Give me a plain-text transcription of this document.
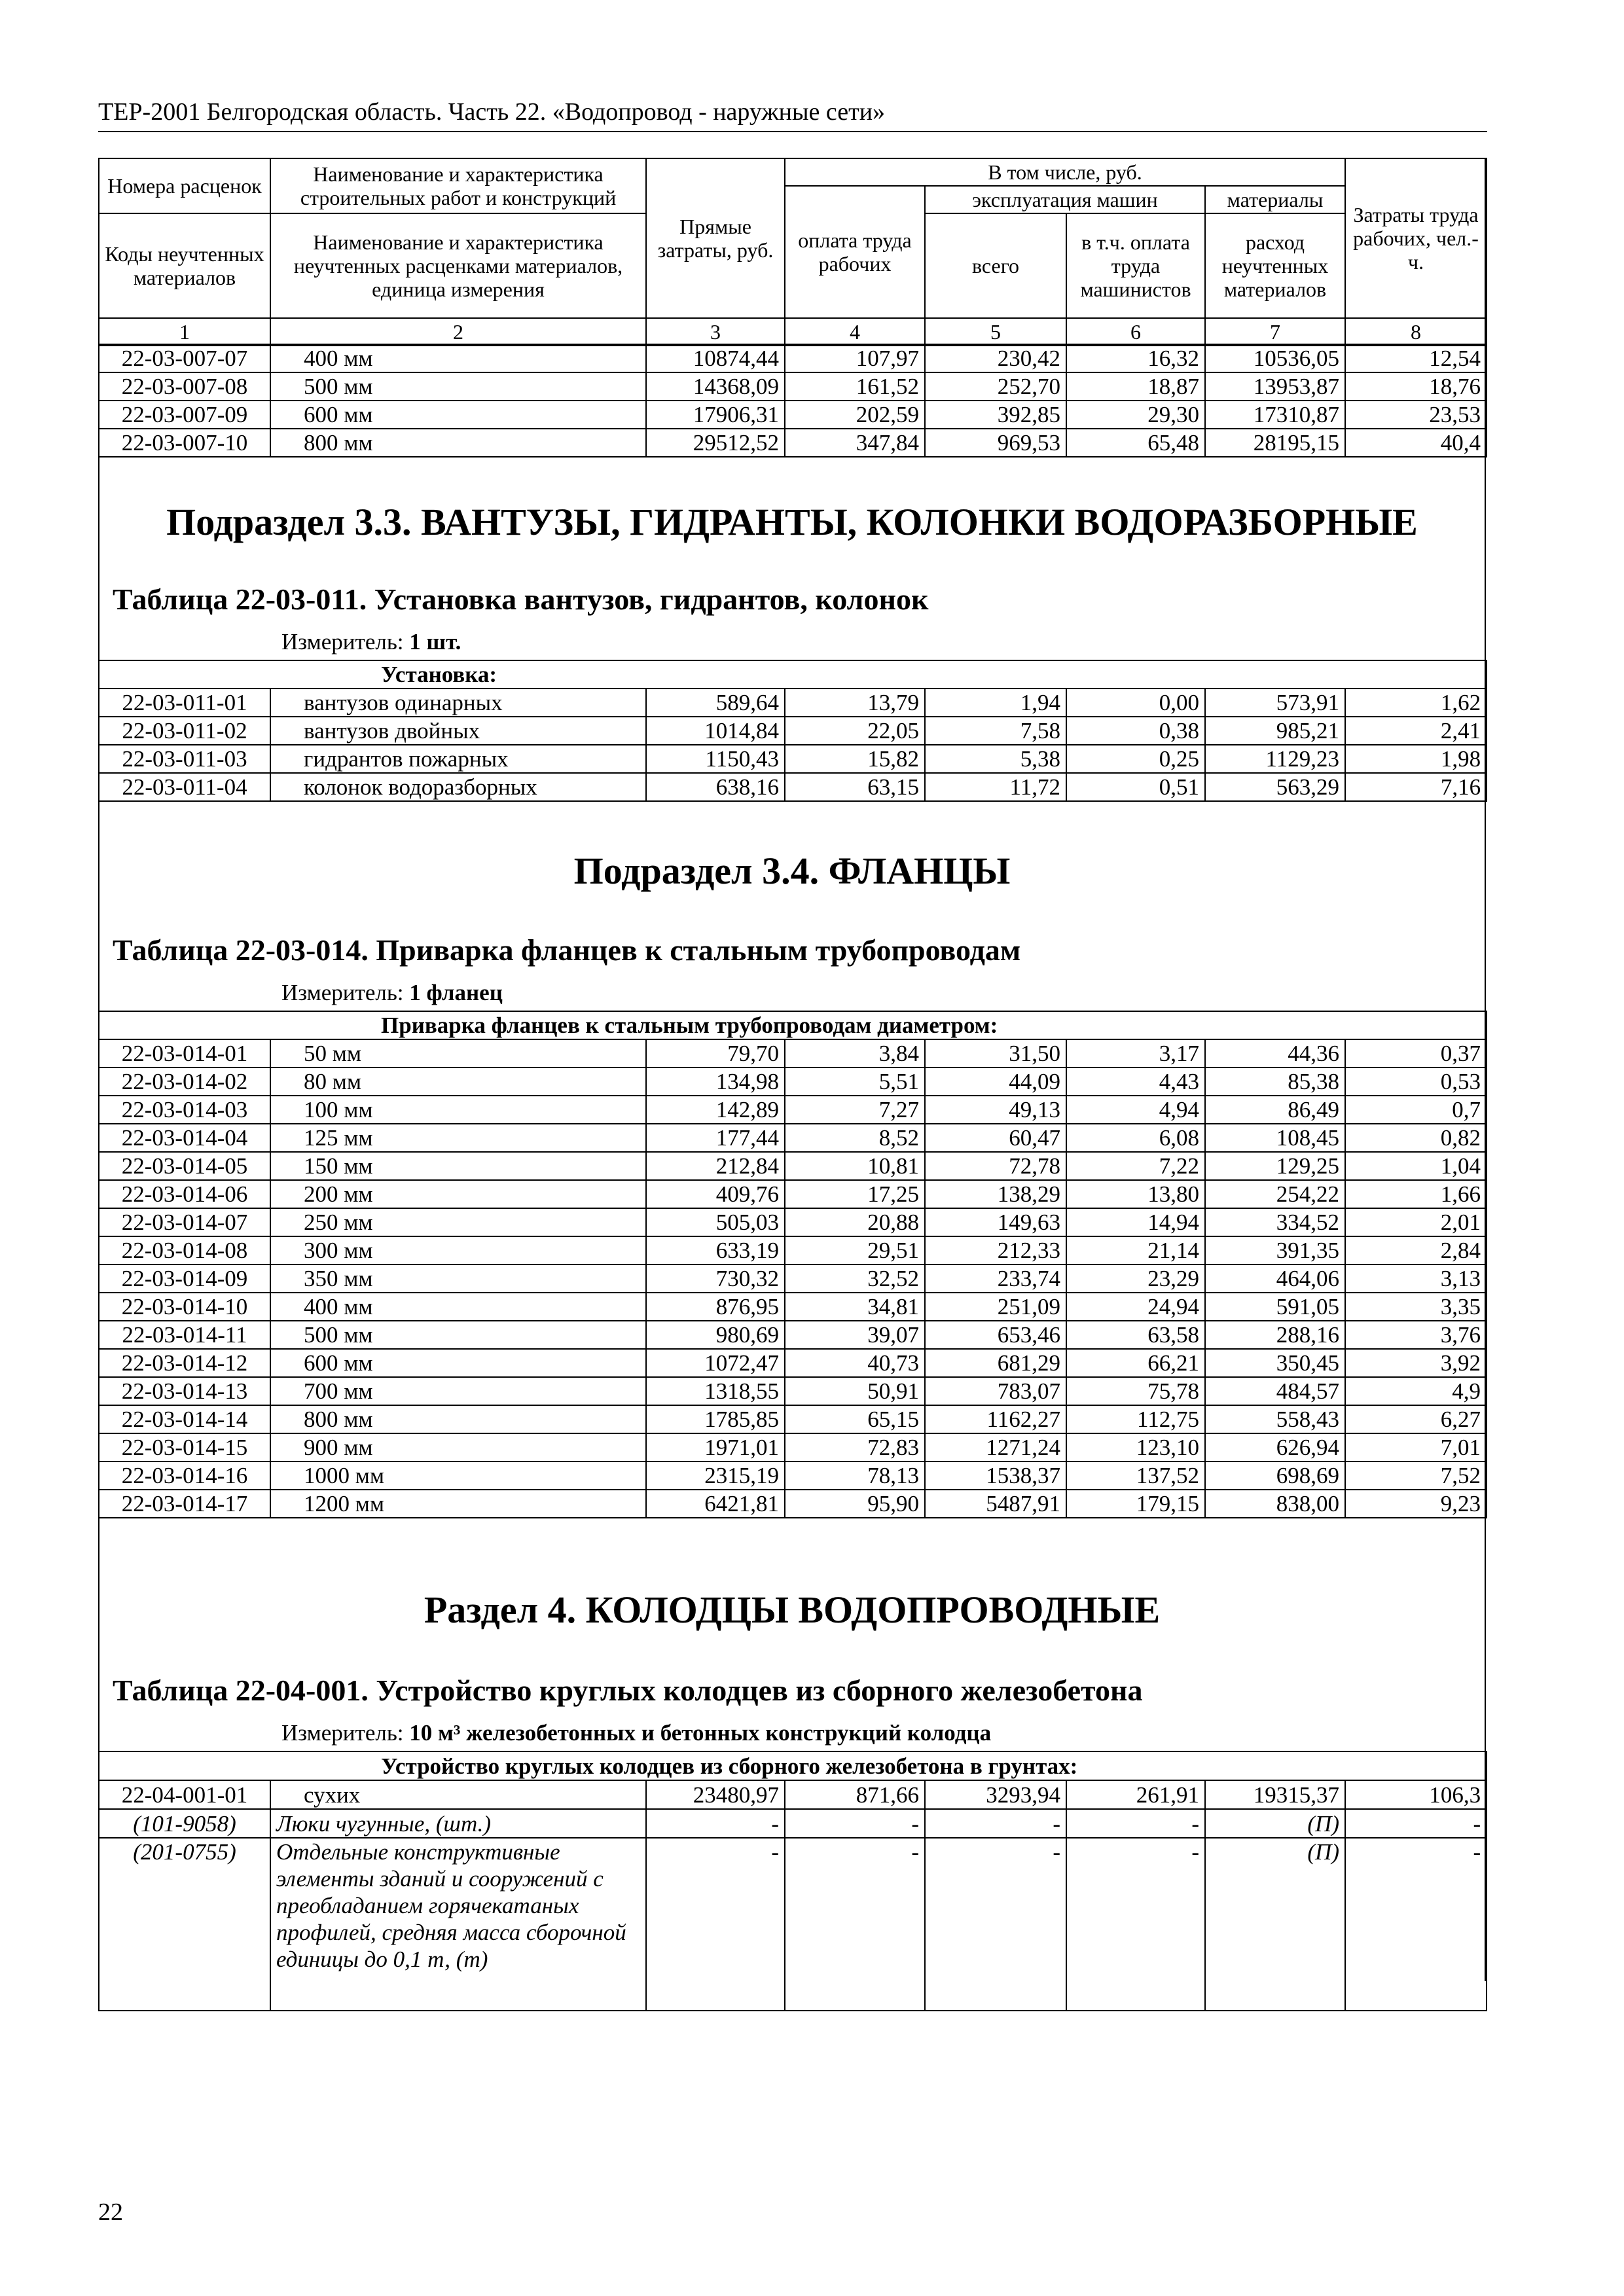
ТЕР-2001 Белгородская область. Часть 22. «Водопровод - наружные сети»
Номера расценок	Наименование и характеристика строительных работ и конструкций	Прямые затраты, руб.	В том числе, руб.				Затраты труда рабочих, чел.-ч.
			оплата труда рабочих	эксплуатация машин		материалы	
Коды неучтенных материалов	Наименование и характеристика неучтенных расценками материалов, единица измерения			всего	в т.ч. оплата труда машинистов	расход неучтенных материалов	
1	2	3	4	5	6	7	8
22-03-007-07	400 мм	10874,44	107,97	230,42	16,32	10536,05	12,54
22-03-007-08	500 мм	14368,09	161,52	252,70	18,87	13953,87	18,76
22-03-007-09	600 мм	17906,31	202,59	392,85	29,30	17310,87	23,53
22-03-007-10	800 мм	29512,52	347,84	969,53	65,48	28195,15	40,4
Подраздел 3.3. ВАНТУЗЫ, ГИДРАНТЫ, КОЛОНКИ ВОДОРАЗБОРНЫЕ
Таблица 22-03-011. Установка вантузов, гидрантов, колонок
Измеритель: 1 шт.
Установка:							
22-03-011-01	вантузов одинарных	589,64	13,79	1,94	0,00	573,91	1,62
22-03-011-02	вантузов двойных	1014,84	22,05	7,58	0,38	985,21	2,41
22-03-011-03	гидрантов пожарных	1150,43	15,82	5,38	0,25	1129,23	1,98
22-03-011-04	колонок водоразборных	638,16	63,15	11,72	0,51	563,29	7,16
Подраздел 3.4. ФЛАНЦЫ
Таблица 22-03-014. Приварка фланцев к стальным трубопроводам
Измеритель: 1 фланец
Приварка фланцев к стальным трубопроводам диаметром:							
22-03-014-01	50 мм	79,70	3,84	31,50	3,17	44,36	0,37
22-03-014-02	80 мм	134,98	5,51	44,09	4,43	85,38	0,53
22-03-014-03	100 мм	142,89	7,27	49,13	4,94	86,49	0,7
22-03-014-04	125 мм	177,44	8,52	60,47	6,08	108,45	0,82
22-03-014-05	150 мм	212,84	10,81	72,78	7,22	129,25	1,04
22-03-014-06	200 мм	409,76	17,25	138,29	13,80	254,22	1,66
22-03-014-07	250 мм	505,03	20,88	149,63	14,94	334,52	2,01
22-03-014-08	300 мм	633,19	29,51	212,33	21,14	391,35	2,84
22-03-014-09	350 мм	730,32	32,52	233,74	23,29	464,06	3,13
22-03-014-10	400 мм	876,95	34,81	251,09	24,94	591,05	3,35
22-03-014-11	500 мм	980,69	39,07	653,46	63,58	288,16	3,76
22-03-014-12	600 мм	1072,47	40,73	681,29	66,21	350,45	3,92
22-03-014-13	700 мм	1318,55	50,91	783,07	75,78	484,57	4,9
22-03-014-14	800 мм	1785,85	65,15	1162,27	112,75	558,43	6,27
22-03-014-15	900 мм	1971,01	72,83	1271,24	123,10	626,94	7,01
22-03-014-16	1000 мм	2315,19	78,13	1538,37	137,52	698,69	7,52
22-03-014-17	1200 мм	6421,81	95,90	5487,91	179,15	838,00	9,23
Раздел 4. КОЛОДЦЫ ВОДОПРОВОДНЫЕ
Таблица 22-04-001. Устройство круглых колодцев из сборного железобетона
Измеритель: 10 м³ железобетонных и бетонных конструкций колодца
Устройство круглых колодцев из сборного железобетона в грунтах:							
22-04-001-01	сухих	23480,97	871,66	3293,94	261,91	19315,37	106,3
(101-9058)	Люки чугунные, (шт.)	-	-	-	-	(П)	-
(201-0755)	Отдельные конструктивные элементы зданий и сооружений с преобладанием горячекатаных профилей, средняя масса сборочной единицы до 0,1 т, (т)	-	-	-	-	(П)	-
22
